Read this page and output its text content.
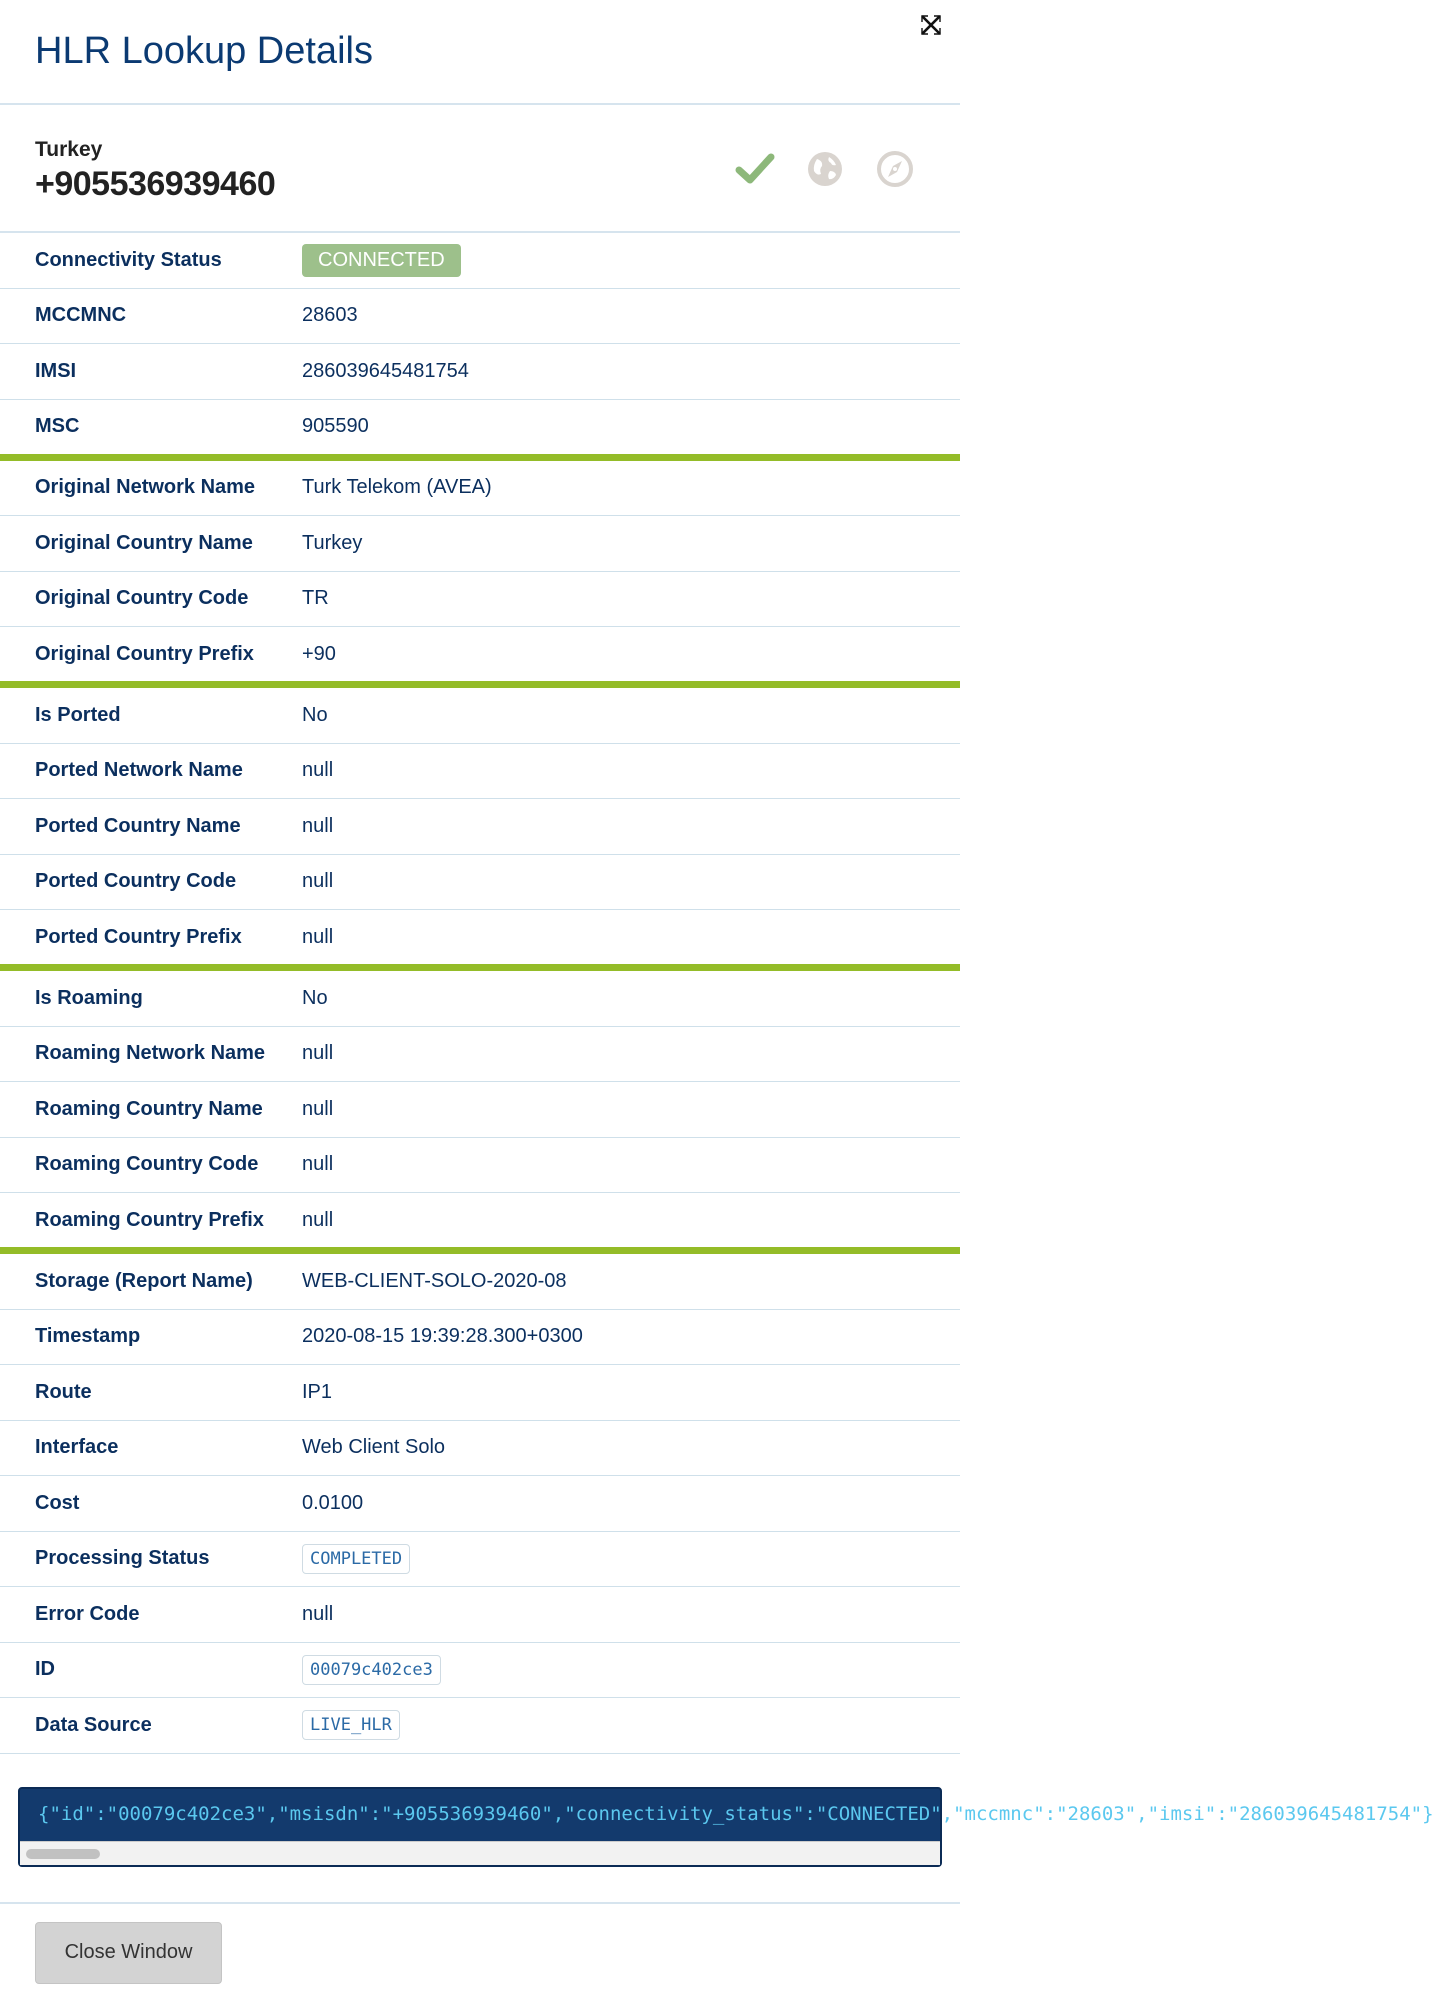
HLR Lookup Details
Turkey
+905536939460
Connectivity Status	CONNECTED
MCCMNC	28603
IMSI	286039645481754
MSC	905590
Original Network Name	Turk Telekom (AVEA)
Original Country Name	Turkey
Original Country Code	TR
Original Country Prefix	+90
Is Ported	No
Ported Network Name	null
Ported Country Name	null
Ported Country Code	null
Ported Country Prefix	null
Is Roaming	No
Roaming Network Name	null
Roaming Country Name	null
Roaming Country Code	null
Roaming Country Prefix	null
Storage (Report Name)	WEB-CLIENT-SOLO-2020-08
Timestamp	2020-08-15 19:39:28.300+0300
Route	IP1
Interface	Web Client Solo
Cost	0.0100
Processing Status	COMPLETED
Error Code	null
ID	00079c402ce3
Data Source	LIVE_HLR
{"id":"00079c402ce3","msisdn":"+905536939460","connectivity_status":"CONNECTED","mccmnc":"28603","imsi":"286039645481754"}
Close Window
